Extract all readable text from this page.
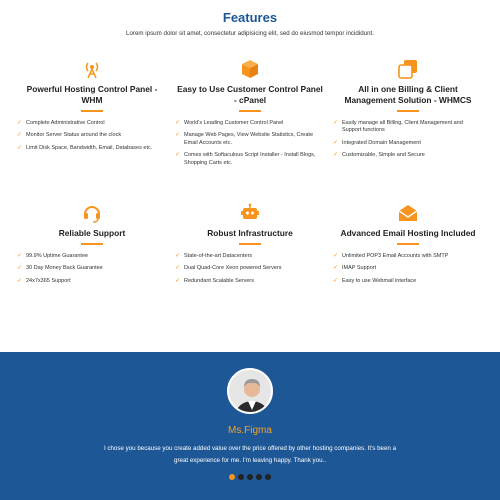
Features

Lorem ipsum dolor sit amet, consectetur adipisicing elit, sed do eiusmod tempor incididunt.

Powerful Hosting Control Panel - WHM
✓ Complete Administrative Control
✓ Monitor Server Status around the clock
✓ Limit Disk Space, Bandwidth, Email, Databases etc.
Easy to Use Customer Control Panel - cPanel
✓ World's Leading Customer Control Panel
✓ Manage Web Pages, View Website Statistics, Create Email Accounts etc.
✓ Comes with Softaculous Script Installer - Install Blogs, Shopping Carts etc.
All in one Billing & Client Management Solution - WHMCS
✓ Easily manage all Billing, Client Management and Support functions
✓ Integrated Domain Management
✓ Customizable, Simple and Secure
Reliable Support
✓ 99.9% Uptime Guarantee
✓ 30 Day Money Back Guarantee
✓ 24x7x365 Support
Robust Infrastructure
✓ State-of-the-art Datacenters
✓ Dual Quad-Core Xeon powered Servers
✓ Redundant Scalable Servers
Advanced Email Hosting Included
✓ Unlimited POP3 Email Accounts with SMTP
✓ IMAP Support
✓ Easy to use Webmail interface
Ms.Figma

I chose you because you create added value over the price offered by other hosting companies. It's been a great experience for me. I'm leaving happy. Thank you..
